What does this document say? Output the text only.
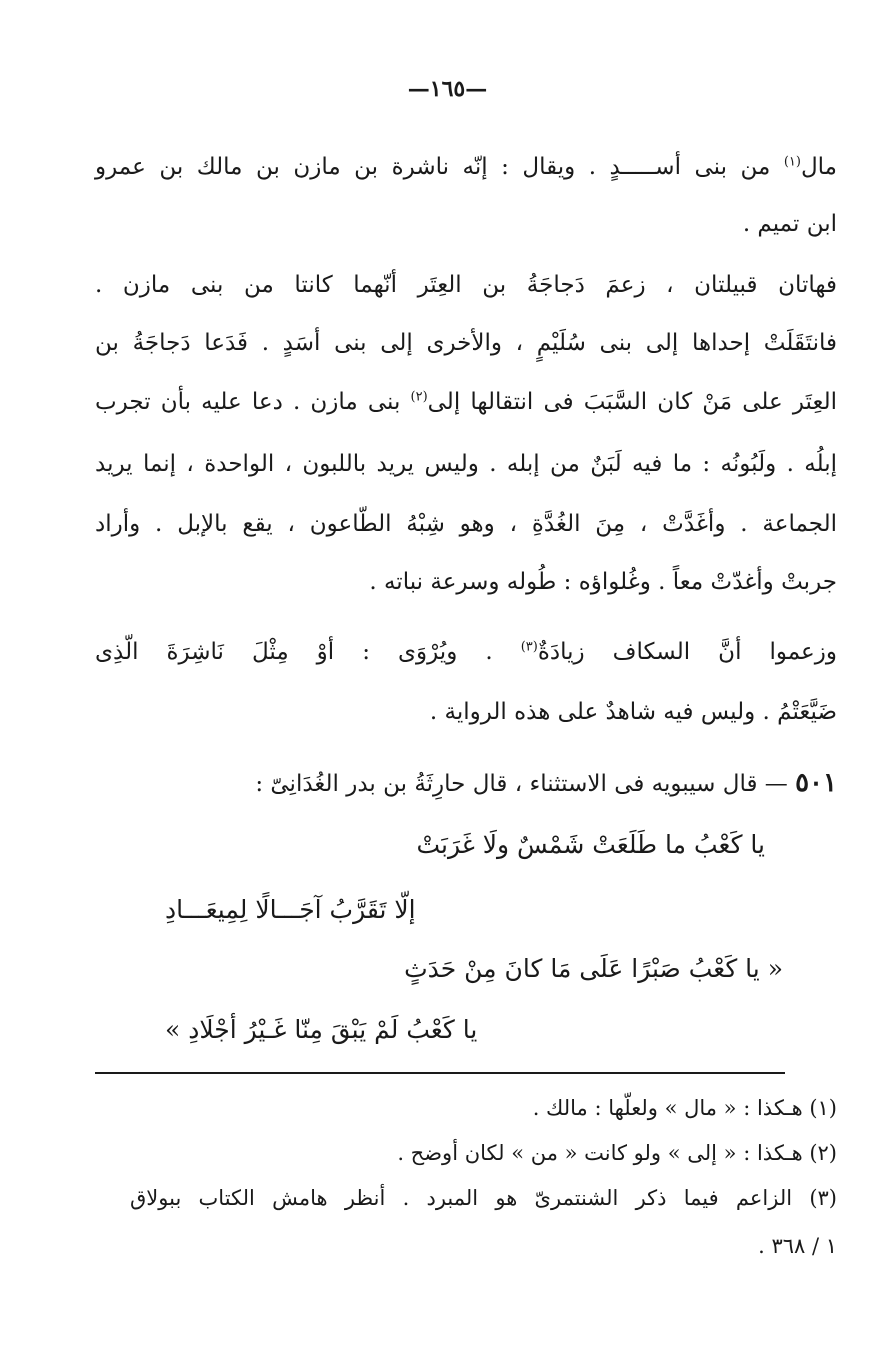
—١٦٥—
مال$^{(١)}$ من بنى أســـــدٍ . ويقال : إنّه ناشرة بن مازن بن مالك بن عمرو
ابن تميم .
فهاتان قبيلتان ، زعمَ دَجاجَةُ بن العِتَر أنّهما كانتا من بنى مازن .
فانتَقَلَتْ إحداها إلى بنى سُلَيْمٍ ، والأخرى إلى بنى أسَدٍ . فَدَعا دَجاجَةُ بن
العِتَر على مَنْ كان السَّبَبَ فى انتقالها إلى$^{(٢)}$ بنى مازن . دعا عليه بأن تجرب
إبلُه . ولَبُونُه : ما فيه لَبَنٌ من إبله . وليس يريد باللبون ، الواحدة ، إنما يريد
الجماعة . وأغَدَّتْ ، مِنَ الغُدَّةِ ، وهو شِبْهُ الطّاعون ، يقع بالإبل . وأراد
جربتْ وأغدّتْ معاً . وغُلواؤه : طُوله وسرعة نباته .
وزعموا أنَّ السكاف زيادَةٌ$^{(٣)}$ . ويُرْوَى : أوْ مِثْلَ نَاشِرَةَ الّذِى
ضَيَّعَتْمُ . وليس فيه شاهدٌ على هذه الرواية .
٥٠١ — قال سيبويه فى الاستثناء ، قال حارِثَةُ بن بدر الغُدَانِىّ :
يا كَعْبُ ما طَلَعَتْ شَمْسٌ ولَا غَرَبَتْ
إلّا تَقَرَّبُ آجَـــالًا لِمِيعَـــادِ
« يا كَعْبُ صَبْرًا عَلَى مَا كانَ مِنْ حَدَثٍ
يا كَعْبُ لَمْ يَبْقَ مِنّا غَـيْرُ أجْلَادِ »
(١) هـكذا : « مال » ولعلّها : مالك .
(٢) هـكذا : « إلى » ولو كانت « من » لكان أوضح .
(٣) الزاعم فيما ذكر الشنتمرىّ هو المبرد . أنظر هامش الكتاب ببولاق
١ / ٣٦٨ .
